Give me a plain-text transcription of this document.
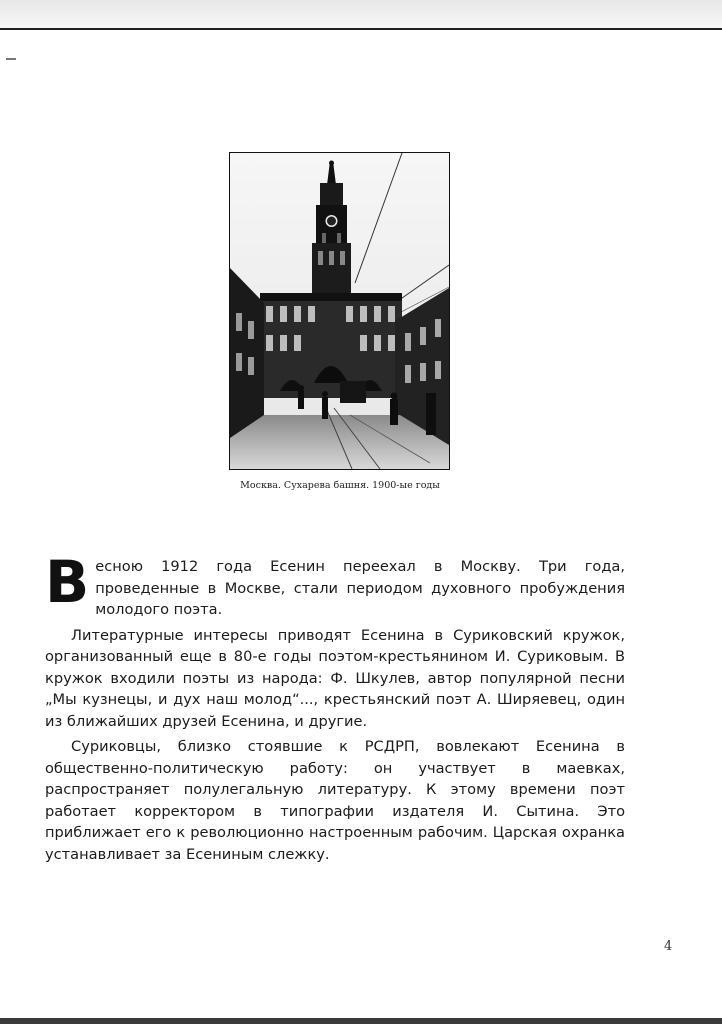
Москва. Сухарева башня. 1900-ые годы

Весною 1912 года Есенин переехал в Москву. Три года, проведенные в Москве, стали периодом духовного пробуждения молодого поэта.

Литературные интересы приводят Есенина в Суриковский кружок, организованный еще в 80-е годы поэтом-крестьянином И. Суриковым. В кружок входили поэты из народа: Ф. Шкулев, автор популярной песни „Мы кузнецы, и дух наш молод“..., крестьянский поэт А. Ширяевец, один из ближайших друзей Есенина, и другие.

Суриковцы, близко стоявшие к РСДРП, вовлекают Есенина в общественно-политическую работу: он участвует в маевках, распространяет полулегальную литературу. К этому времени поэт работает корректором в типографии издателя И. Сытина. Это приближает его к революционно настроенным рабочим. Царская охранка устанавливает за Есениным слежку.

4
